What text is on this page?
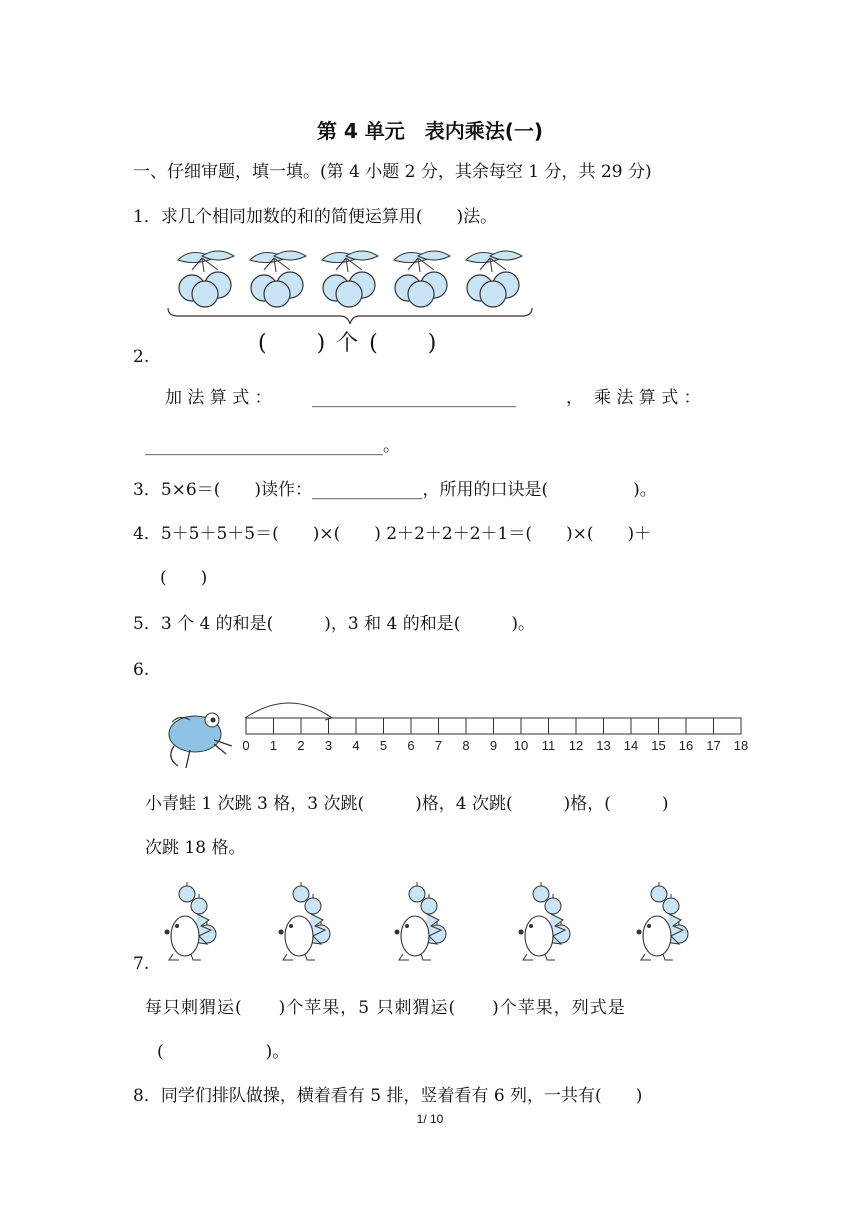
第 4 单元　表内乘法(一)
一、仔细审题，填一填。(第 4 小题 2 分，其余每空 1 分，共 29 分)
1．求几个相同加数的和的简便运算用(　　)法。
2.
(　　) 个 (　　)
加 法 算 式 ： ________________________	， 乘 法 算 式 ：
____________________________。
3．5×6＝(　　)读作：_____________，所用的口诀是(　　　　　)。
4．5＋5＋5＋5＝(　　)×(　　) 2＋2＋2＋2＋1＝(　　)×(　　)＋
(　　)
5．3 个 4 的和是(　　　)，3 和 4 的和是(　　　)。
6.
0 1 2 3 4 5 6 7 8 9 10 11 12 13 14 15 16 17 18
小青蛙 1 次跳 3 格，3 次跳(　　　)格，4 次跳(　　　)格，(　　　)
次跳 18 格。
7.
每只刺猬运(　　)个苹果，5 只刺猬运(　　)个苹果，列式是
(　　　　　　)。
8．同学们排队做操，横着看有 5 排，竖着看有 6 列，一共有(　　)
1/ 10
